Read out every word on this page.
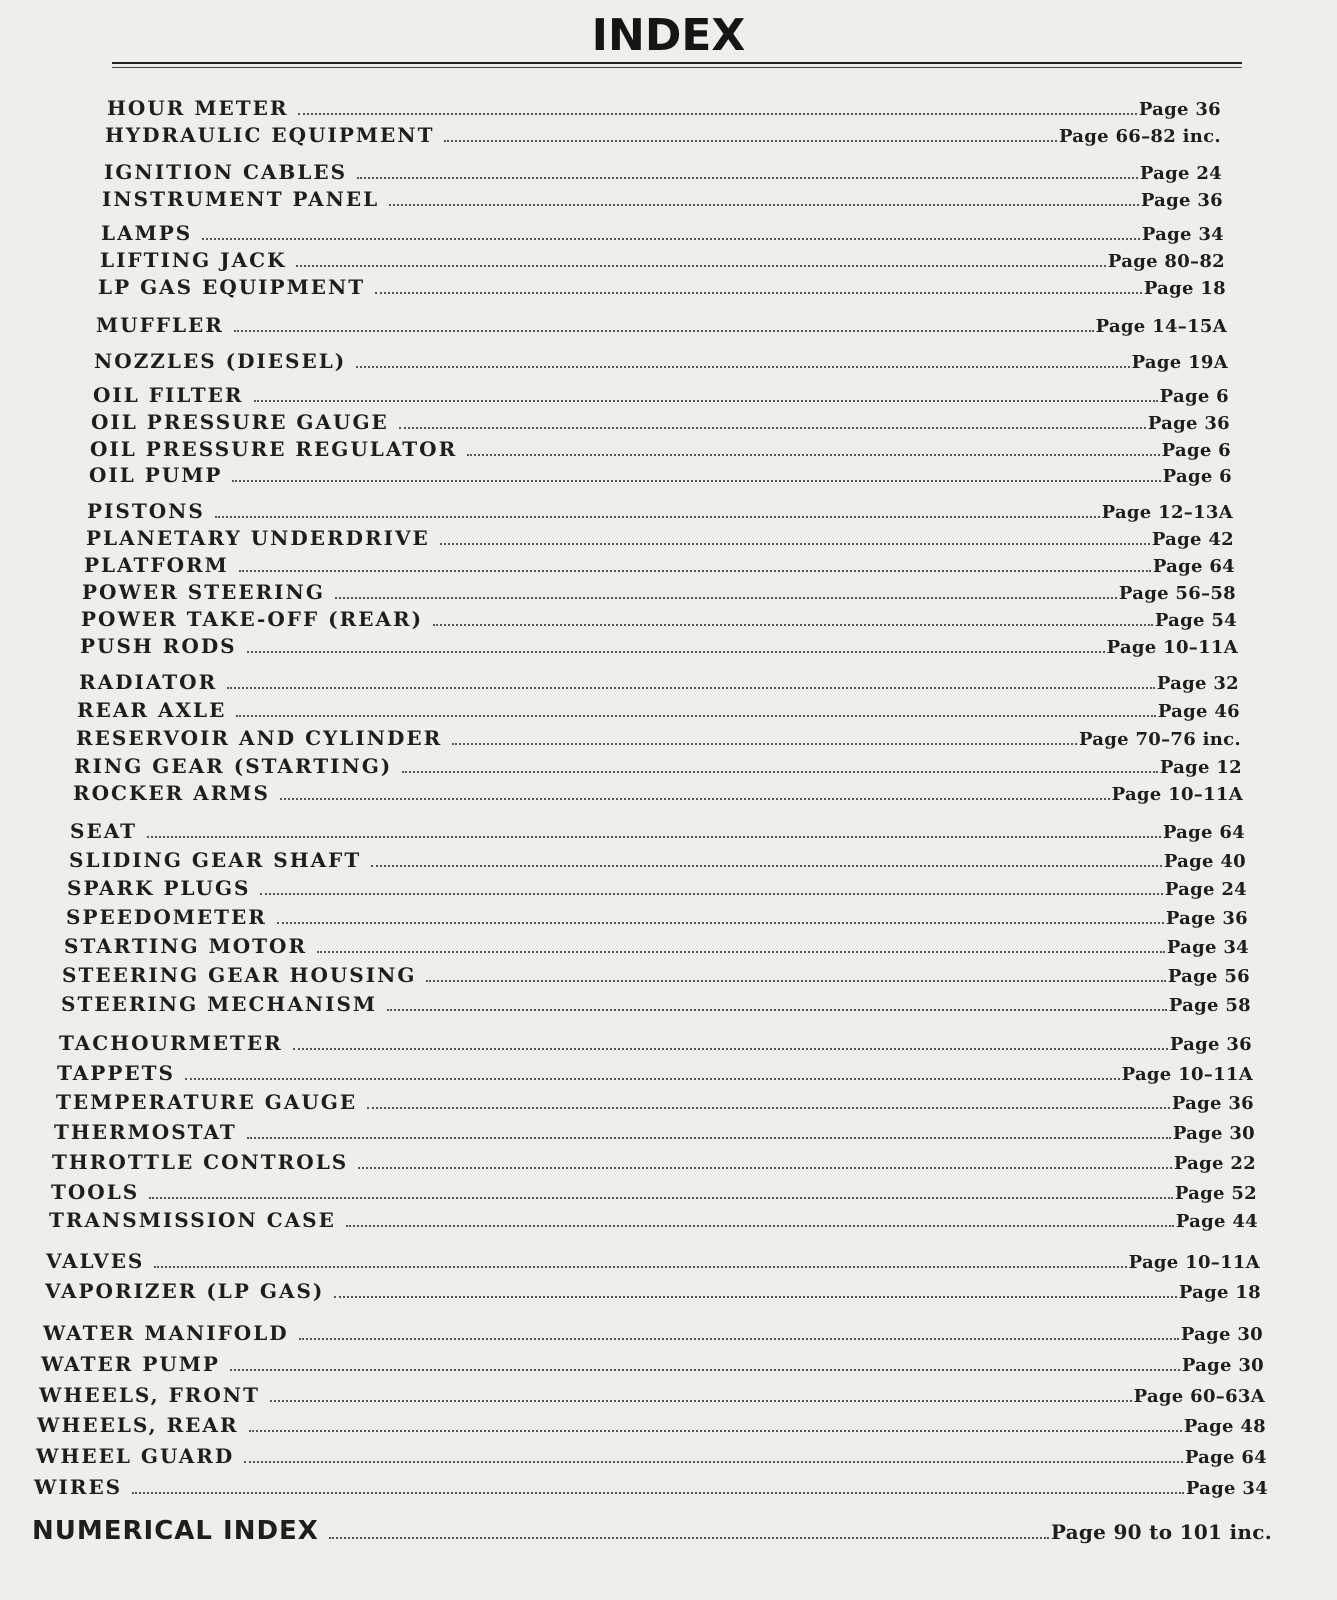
INDEX
HOUR METER	Page 36
HYDRAULIC EQUIPMENT	Page 66–82 inc.
IGNITION CABLES	Page 24
INSTRUMENT PANEL	Page 36
LAMPS	Page 34
LIFTING JACK	Page 80–82
LP GAS EQUIPMENT	Page 18
MUFFLER	Page 14–15A
NOZZLES (DIESEL)	Page 19A
OIL FILTER	Page 6
OIL PRESSURE GAUGE	Page 36
OIL PRESSURE REGULATOR	Page 6
OIL PUMP	Page 6
PISTONS	Page 12–13A
PLANETARY UNDERDRIVE	Page 42
PLATFORM	Page 64
POWER STEERING	Page 56–58
POWER TAKE-OFF (REAR)	Page 54
PUSH RODS	Page 10–11A
RADIATOR	Page 32
REAR AXLE	Page 46
RESERVOIR AND CYLINDER	Page 70–76 inc.
RING GEAR (STARTING)	Page 12
ROCKER ARMS	Page 10–11A
SEAT	Page 64
SLIDING GEAR SHAFT	Page 40
SPARK PLUGS	Page 24
SPEEDOMETER	Page 36
STARTING MOTOR	Page 34
STEERING GEAR HOUSING	Page 56
STEERING MECHANISM	Page 58
TACHOURMETER	Page 36
TAPPETS	Page 10–11A
TEMPERATURE GAUGE	Page 36
THERMOSTAT	Page 30
THROTTLE CONTROLS	Page 22
TOOLS	Page 52
TRANSMISSION CASE	Page 44
VALVES	Page 10–11A
VAPORIZER (LP GAS)	Page 18
WATER MANIFOLD	Page 30
WATER PUMP	Page 30
WHEELS, FRONT	Page 60–63A
WHEELS, REAR	Page 48
WHEEL GUARD	Page 64
WIRES	Page 34
NUMERICAL INDEX	Page 90 to 101 inc.
